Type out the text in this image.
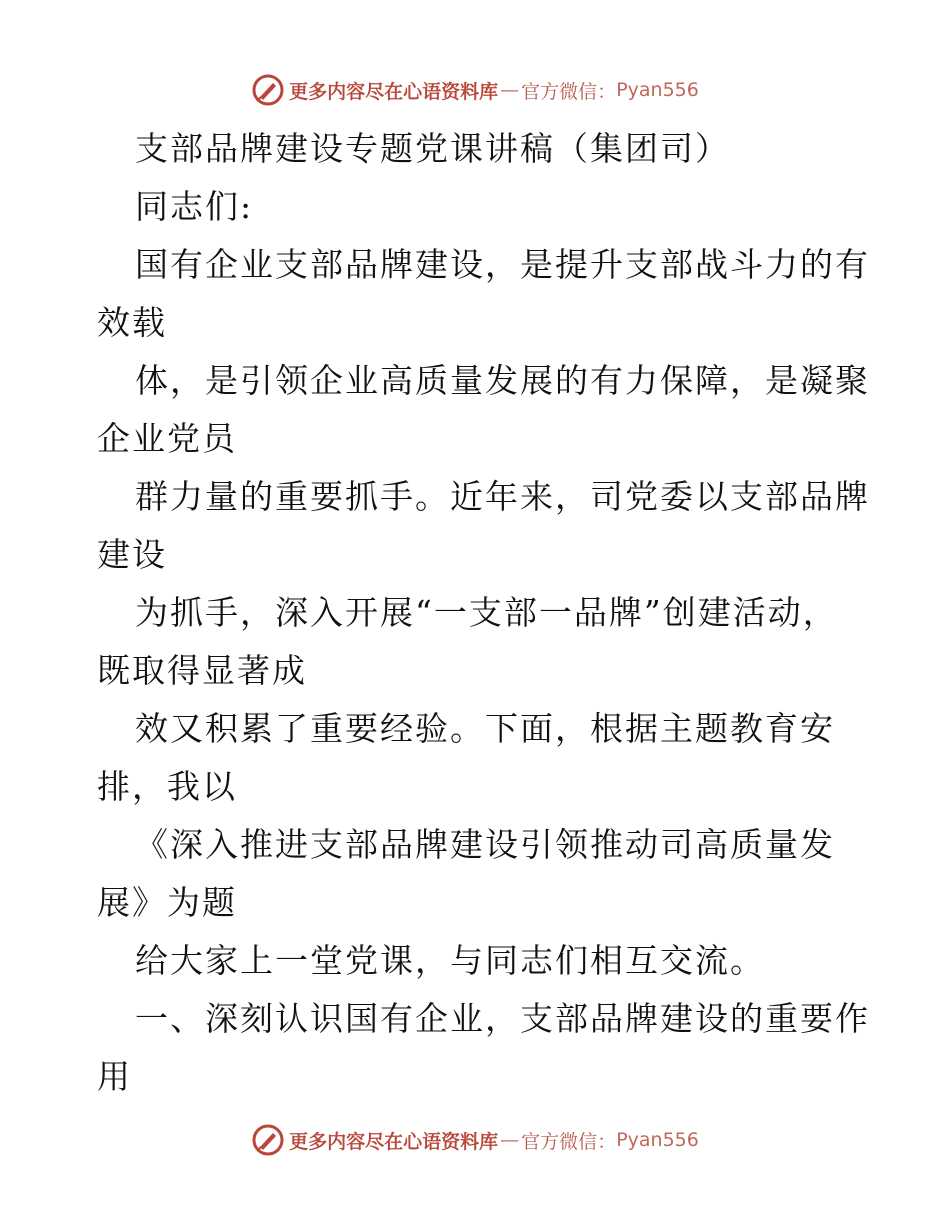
更多内容尽在心语资料库 — 官方微信： Pyan556
支部品牌建设专题党课讲稿（集团司）
同志们:
国有企业支部品牌建设，是提升支部战斗力的有
效载
体，是引领企业高质量发展的有力保障，是凝聚
企业党员
群力量的重要抓手。近年来，司党委以支部品牌
建设
为抓手，深入开展“一支部一品牌”创建活动，
既取得显著成
效又积累了重要经验。下面，根据主题教育安
排，我以
《深入推进支部品牌建设引领推动司高质量发
展》为题
给大家上一堂党课，与同志们相互交流。
一、深刻认识国有企业，支部品牌建设的重要作
用
更多内容尽在心语资料库 — 官方微信： Pyan556
